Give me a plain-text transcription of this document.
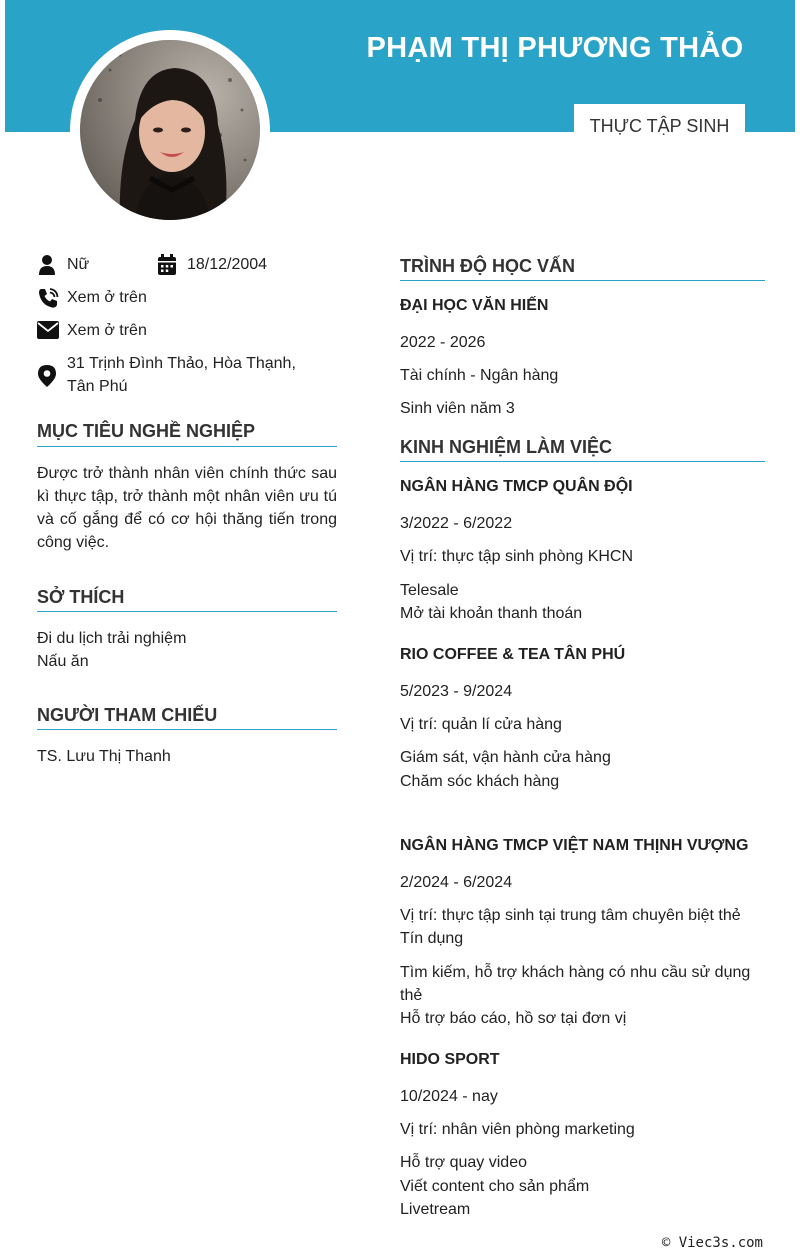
PHẠM THỊ PHƯƠNG THẢO
THỰC TẬP SINH
Nữ	18/12/2004
Xem ở trên
Xem ở trên
31 Trịnh Đình Thảo, Hòa Thạnh,
Tân Phú
MỤC TIÊU NGHỀ NGHIỆP
Được trở thành nhân viên chính thức sau kì thực tập, trở thành một nhân viên ưu tú và cố gắng để có cơ hội thăng tiến trong công việc.
SỞ THÍCH
Đi du lịch trải nghiệm
Nấu ăn
NGƯỜI THAM CHIẾU
TS. Lưu Thị Thanh
TRÌNH ĐỘ HỌC VẤN
ĐẠI HỌC VĂN HIẾN
2022 - 2026
Tài chính - Ngân hàng
Sinh viên năm 3
KINH NGHIỆM LÀM VIỆC
NGÂN HÀNG TMCP QUÂN ĐỘI
3/2022 - 6/2022
Vị trí: thực tập sinh phòng KHCN
Telesale
Mở tài khoản thanh thoán
RIO COFFEE & TEA TÂN PHÚ
5/2023 - 9/2024
Vị trí: quản lí cửa hàng
Giám sát, vận hành cửa hàng
Chăm sóc khách hàng
NGÂN HÀNG TMCP VIỆT NAM THỊNH VƯỢNG
2/2024 - 6/2024
Vị trí: thực tập sinh tại trung tâm chuyên biệt thẻ
Tín dụng
Tìm kiếm, hỗ trợ khách hàng có nhu cầu sử dụng
thẻ
Hỗ trợ báo cáo, hồ sơ tại đơn vị
HIDO SPORT
10/2024 - nay
Vị trí: nhân viên phòng marketing
Hỗ trợ quay video
Viết content cho sản phẩm
Livetream
© Viec3s.com
